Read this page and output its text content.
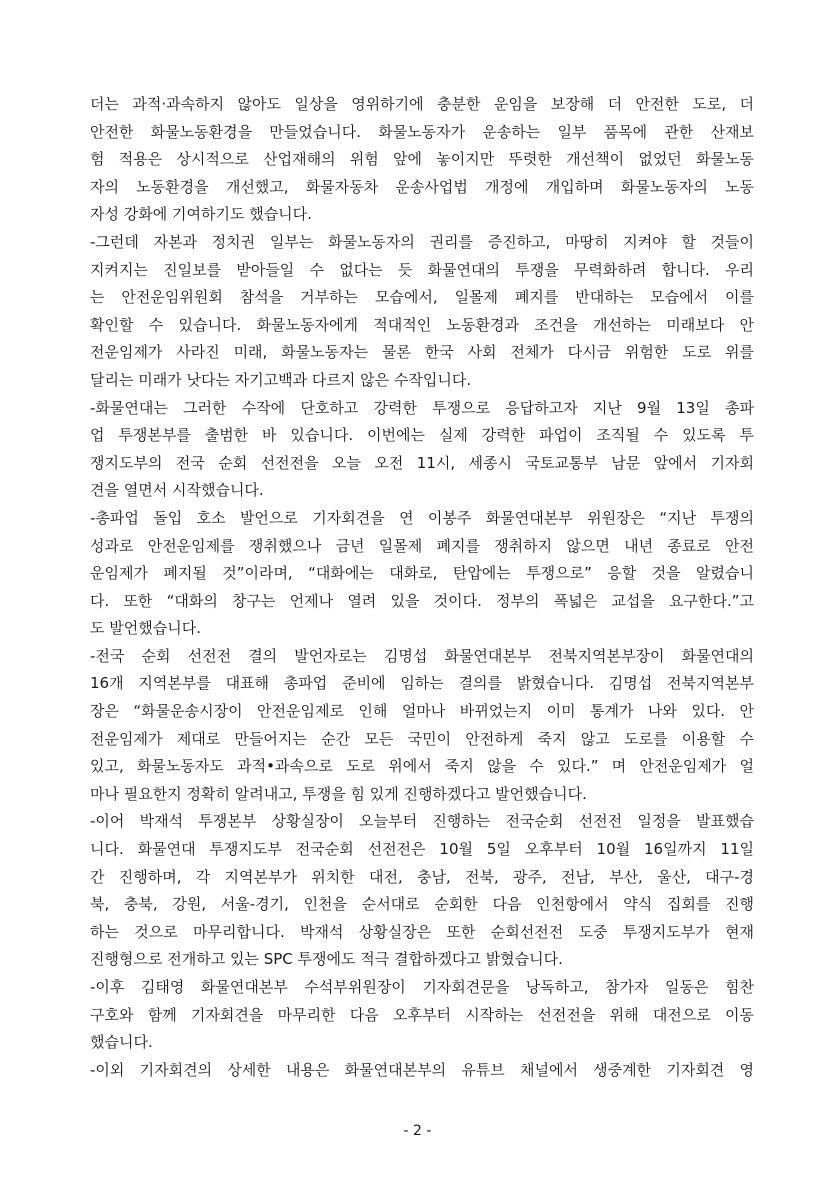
더는 과적·과속하지 않아도 일상을 영위하기에 충분한 운임을 보장해 더 안전한 도로, 더
안전한 화물노동환경을 만들었습니다. 화물노동자가 운송하는 일부 품목에 관한 산재보
험 적용은 상시적으로 산업재해의 위험 앞에 놓이지만 뚜렷한 개선책이 없었던 화물노동
자의 노동환경을 개선했고, 화물자동차 운송사업법 개정에 개입하며 화물노동자의 노동
자성 강화에 기여하기도 했습니다.
-그런데 자본과 정치권 일부는 화물노동자의 권리를 증진하고, 마땅히 지켜야 할 것들이
지켜지는 진일보를 받아들일 수 없다는 듯 화물연대의 투쟁을 무력화하려 합니다. 우리
는 안전운임위원회 참석을 거부하는 모습에서, 일몰제 폐지를 반대하는 모습에서 이를
확인할 수 있습니다. 화물노동자에게 적대적인 노동환경과 조건을 개선하는 미래보다 안
전운임제가 사라진 미래, 화물노동자는 물론 한국 사회 전체가 다시금 위험한 도로 위를
달리는 미래가 낫다는 자기고백과 다르지 않은 수작입니다.
-화물연대는 그러한 수작에 단호하고 강력한 투쟁으로 응답하고자 지난 9월 13일 총파
업 투쟁본부를 출범한 바 있습니다. 이번에는 실제 강력한 파업이 조직될 수 있도록 투
쟁지도부의 전국 순회 선전전을 오늘 오전 11시, 세종시 국토교통부 남문 앞에서 기자회
견을 열면서 시작했습니다.
-총파업 돌입 호소 발언으로 기자회견을 연 이봉주 화물연대본부 위원장은 “지난 투쟁의
성과로 안전운임제를 쟁취했으나 금년 일몰제 폐지를 쟁취하지 않으면 내년 종료로 안전
운임제가 폐지될 것”이라며, “대화에는 대화로, 탄압에는 투쟁으로” 응할 것을 알렸습니
다. 또한 “대화의 창구는 언제나 열려 있을 것이다. 정부의 폭넓은 교섭을 요구한다.”고
도 발언했습니다.
-전국 순회 선전전 결의 발언자로는 김명섭 화물연대본부 전북지역본부장이 화물연대의
16개 지역본부를 대표해 총파업 준비에 임하는 결의를 밝혔습니다. 김명섭 전북지역본부
장은 “화물운송시장이 안전운임제로 인해 얼마나 바뀌었는지 이미 통계가 나와 있다. 안
전운임제가 제대로 만들어지는 순간 모든 국민이 안전하게 죽지 않고 도로를 이용할 수
있고, 화물노동자도 과적•과속으로 도로 위에서 죽지 않을 수 있다.” 며 안전운임제가 얼
마나 필요한지 정확히 알려내고, 투쟁을 힘 있게 진행하겠다고 발언했습니다.
-이어 박재석 투쟁본부 상황실장이 오늘부터 진행하는 전국순회 선전전 일정을 발표했습
니다. 화물연대 투쟁지도부 전국순회 선전전은 10월 5일 오후부터 10월 16일까지 11일
간 진행하며, 각 지역본부가 위치한 대전, 충남, 전북, 광주, 전남, 부산, 울산, 대구-경
북, 충북, 강원, 서울-경기, 인천을 순서대로 순회한 다음 인천항에서 약식 집회를 진행
하는 것으로 마무리합니다. 박재석 상황실장은 또한 순회선전전 도중 투쟁지도부가 현재
진행형으로 전개하고 있는 SPC 투쟁에도 적극 결합하겠다고 밝혔습니다.
-이후 김태영 화물연대본부 수석부위원장이 기자회견문을 낭독하고, 참가자 일동은 힘찬
구호와 함께 기자회견을 마무리한 다음 오후부터 시작하는 선전전을 위해 대전으로 이동
했습니다.
-이외 기자회견의 상세한 내용은 화물연대본부의 유튜브 채널에서 생중계한 기자회견 영
- 2 -
